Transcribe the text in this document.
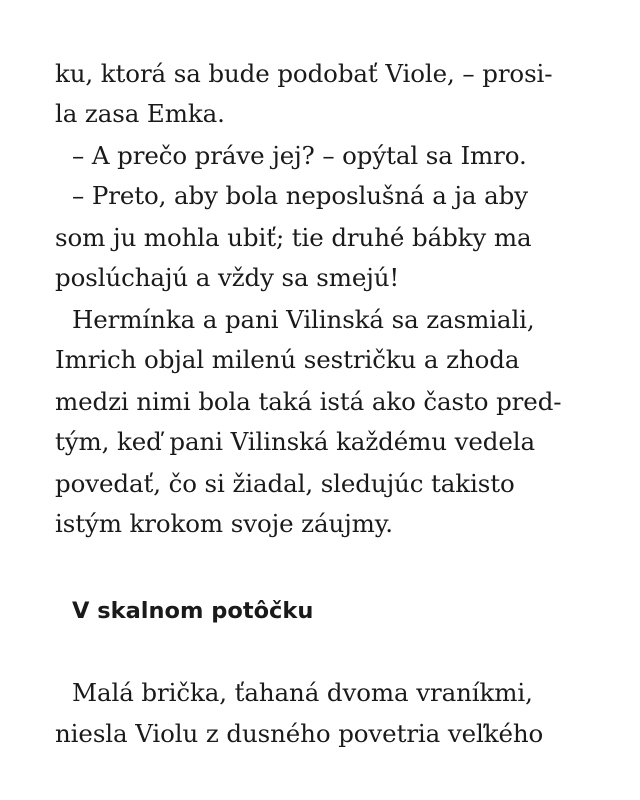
ku, ktorá sa bude podobať Viole, – prosi-
la zasa Emka.
– A prečo práve jej? – opýtal sa Imro.
– Preto, aby bola neposlušná a ja aby
som ju mohla ubiť; tie druhé bábky ma
poslúchajú a vždy sa smejú!
Hermínka a pani Vilinská sa zasmiali,
Imrich objal milenú sestričku a zhoda
medzi nimi bola taká istá ako často pred-
tým, keď pani Vilinská každému vedela
povedať, čo si žiadal, sledujúc takisto
istým krokom svoje záujmy.
V skalnom potôčku
Malá brička, ťahaná dvoma vraníkmi,
niesla Violu z dusného povetria veľkého
